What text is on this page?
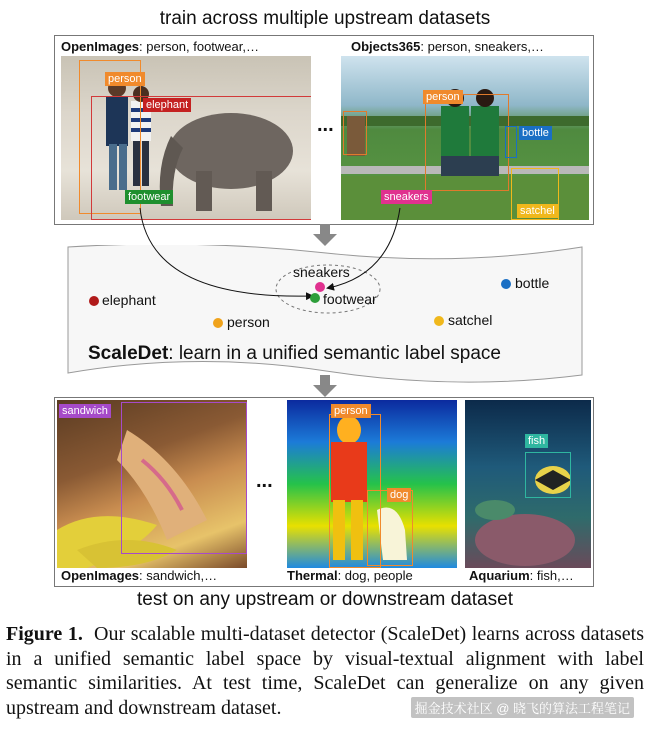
train across multiple upstream datasets
OpenImages: person, footwear,…	Objects365: person, sneakers,…
person
elephant
footwear
...
person
bottle
sneakers
satchel
sneakers
footwear
elephant
person
bottle
satchel
ScaleDet: learn in a unified semantic label space
sandwich
...
person
dog
fish
OpenImages: sandwich,…	Thermal: dog, people	Aquarium: fish,…
test on any upstream or downstream dataset
Figure 1. Our scalable multi-dataset detector (ScaleDet) learns across datasets in a unified semantic label space by visual-textual alignment with label semantic similarities. At test time, ScaleDet can generalize on any given upstream and downstream dataset.	掘金技术社区 @ 晓飞的算法工程笔记
